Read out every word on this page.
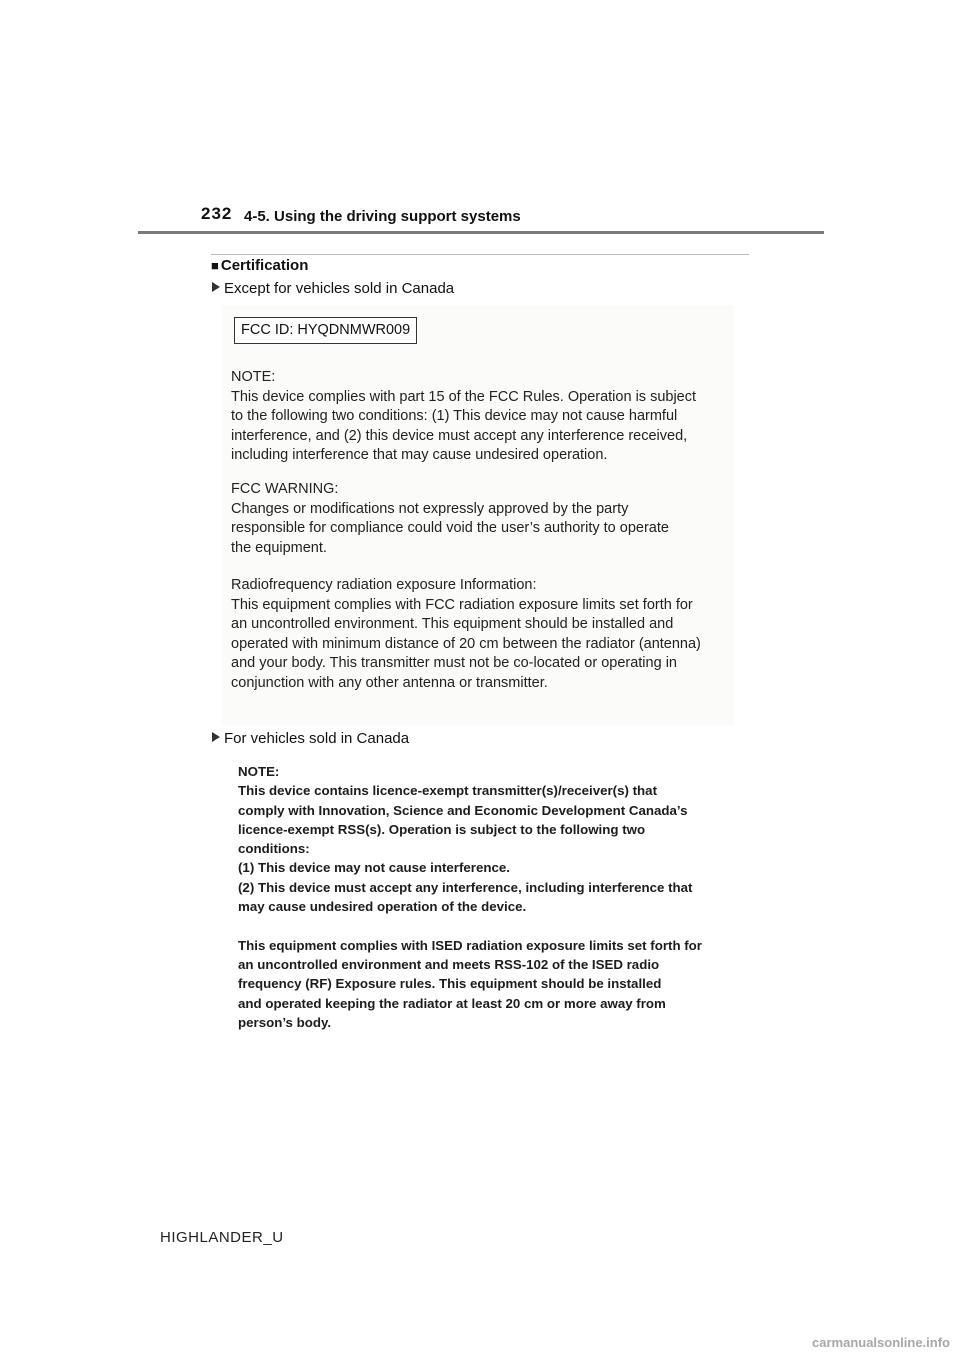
232 4-5. Using the driving support systems
■ Certification
Except for vehicles sold in Canada
FCC ID: HYQDNMWR009
NOTE:
This device complies with part 15 of the FCC Rules. Operation is subject
to the following two conditions: (1) This device may not cause harmful
interference, and (2) this device must accept any interference received,
including interference that may cause undesired operation.
FCC WARNING:
Changes or modifications not expressly approved by the party
responsible for compliance could void the user’s authority to operate
the equipment.
Radiofrequency radiation exposure Information:
This equipment complies with FCC radiation exposure limits set forth for
an uncontrolled environment. This equipment should be installed and
operated with minimum distance of 20 cm between the radiator (antenna)
and your body. This transmitter must not be co-located or operating in
conjunction with any other antenna or transmitter.
For vehicles sold in Canada
NOTE:
This device contains licence-exempt transmitter(s)/receiver(s) that
comply with Innovation, Science and Economic Development Canada’s
licence-exempt RSS(s). Operation is subject to the following two
conditions:
(1) This device may not cause interference.
(2) This device must accept any interference, including interference that
may cause undesired operation of the device.

This equipment complies with ISED radiation exposure limits set forth for
an uncontrolled environment and meets RSS-102 of the ISED radio
frequency (RF) Exposure rules. This equipment should be installed
and operated keeping the radiator at least 20 cm or more away from
person’s body.
HIGHLANDER_U
carmanualsonline.info
